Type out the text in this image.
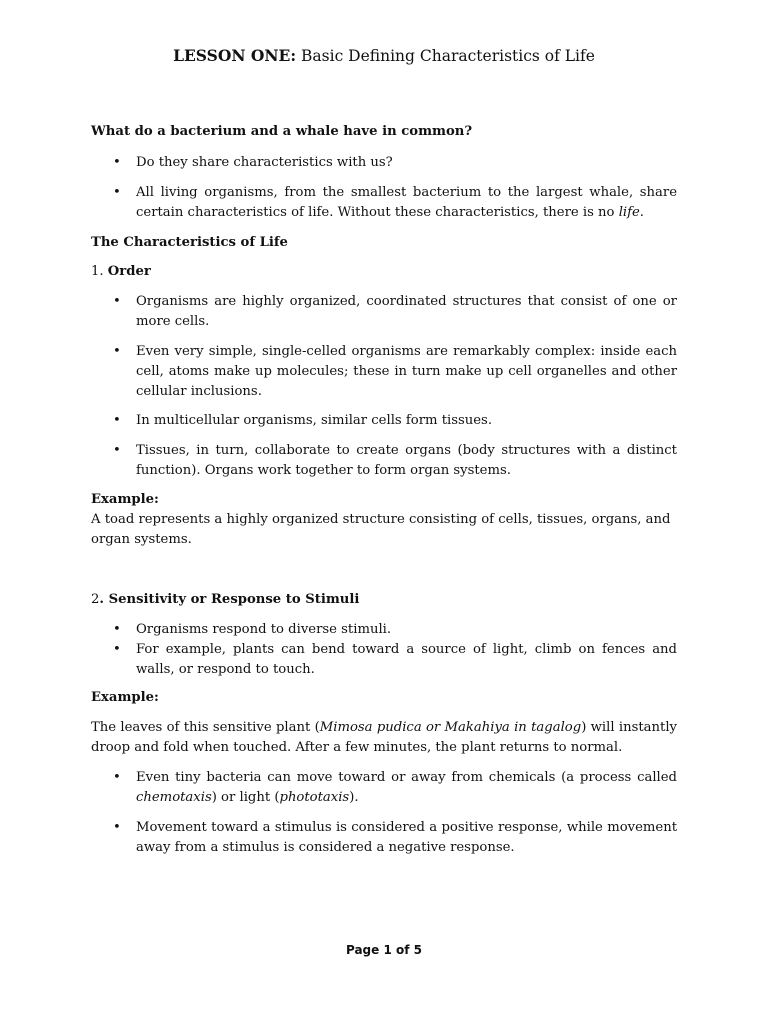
LESSON ONE: Basic Defining Characteristics of Life
What do a bacterium and a whale have in common?
• Do they share characteristics with us?
• All living organisms, from the smallest bacterium to the largest whale, share certain characteristics of life. Without these characteristics, there is no life.
The Characteristics of Life
1. Order
• Organisms are highly organized, coordinated structures that consist of one or more cells.
• Even very simple, single-celled organisms are remarkably complex: inside each cell, atoms make up molecules; these in turn make up cell organelles and other cellular inclusions.
• In multicellular organisms, similar cells form tissues.
• Tissues, in turn, collaborate to create organs (body structures with a distinct function). Organs work together to form organ systems.
Example:
A toad represents a highly organized structure consisting of cells, tissues, organs, and organ systems.
2. Sensitivity or Response to Stimuli
• Organisms respond to diverse stimuli.
• For example, plants can bend toward a source of light, climb on fences and walls, or respond to touch.
Example:
The leaves of this sensitive plant (Mimosa pudica or Makahiya in tagalog) will instantly droop and fold when touched. After a few minutes, the plant returns to normal.
• Even tiny bacteria can move toward or away from chemicals (a process called chemotaxis) or light (phototaxis).
• Movement toward a stimulus is considered a positive response, while movement away from a stimulus is considered a negative response.
Page 1 of 5
